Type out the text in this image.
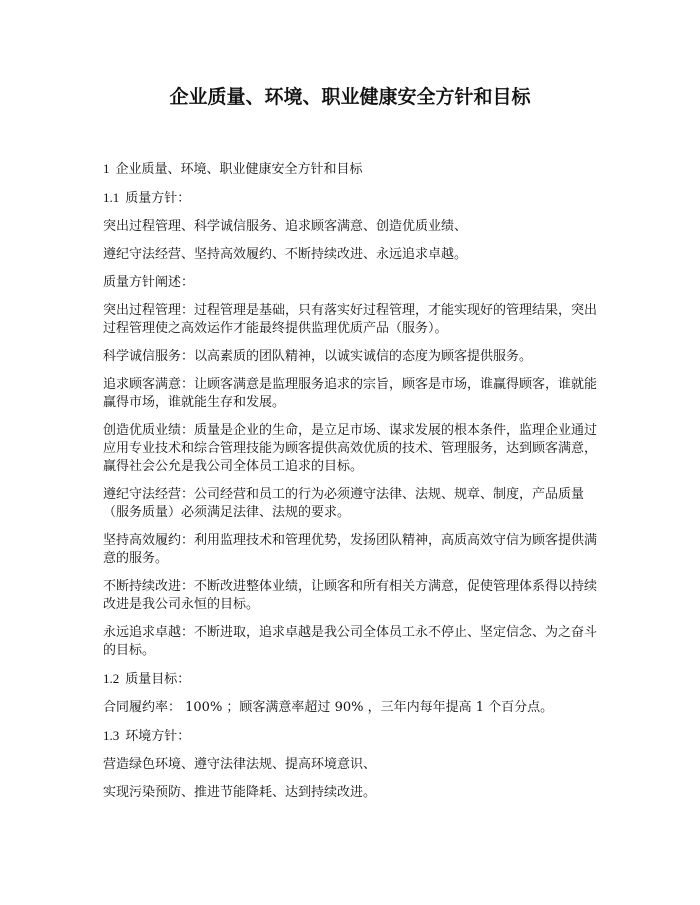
企业质量、环境、职业健康安全方针和目标

1 企业质量、环境、职业健康安全方针和目标

1.1 质量方针：

突出过程管理、科学诚信服务、追求顾客满意、创造优质业绩、

遵纪守法经营、坚持高效履约、不断持续改进、永远追求卓越。

质量方针阐述：

突出过程管理：过程管理是基础，只有落实好过程管理，才能实现好的管理结果，突出过程管理使之高效运作才能最终提供监理优质产品（服务）。

科学诚信服务：以高素质的团队精神，以诚实诚信的态度为顾客提供服务。

追求顾客满意：让顾客满意是监理服务追求的宗旨，顾客是市场，谁赢得顾客，谁就能赢得市场，谁就能生存和发展。

创造优质业绩：质量是企业的生命，是立足市场、谋求发展的根本条件，监理企业通过应用专业技术和综合管理技能为顾客提供高效优质的技术、管理服务，达到顾客满意，赢得社会公允是我公司全体员工追求的目标。

遵纪守法经营：公司经营和员工的行为必须遵守法律、法规、规章、制度，产品质量（服务质量）必须满足法律、法规的要求。

坚持高效履约：利用监理技术和管理优势，发扬团队精神，高质高效守信为顾客提供满意的服务。

不断持续改进：不断改进整体业绩，让顾客和所有相关方满意，促使管理体系得以持续改进是我公司永恒的目标。

永远追求卓越：不断进取，追求卓越是我公司全体员工永不停止、坚定信念、为之奋斗的目标。

1.2 质量目标：

合同履约率： 100% ；顾客满意率超过 90% ，三年内每年提高 1 个百分点。

1.3 环境方针：

营造绿色环境、遵守法律法规、提高环境意识、

实现污染预防、推进节能降耗、达到持续改进。
